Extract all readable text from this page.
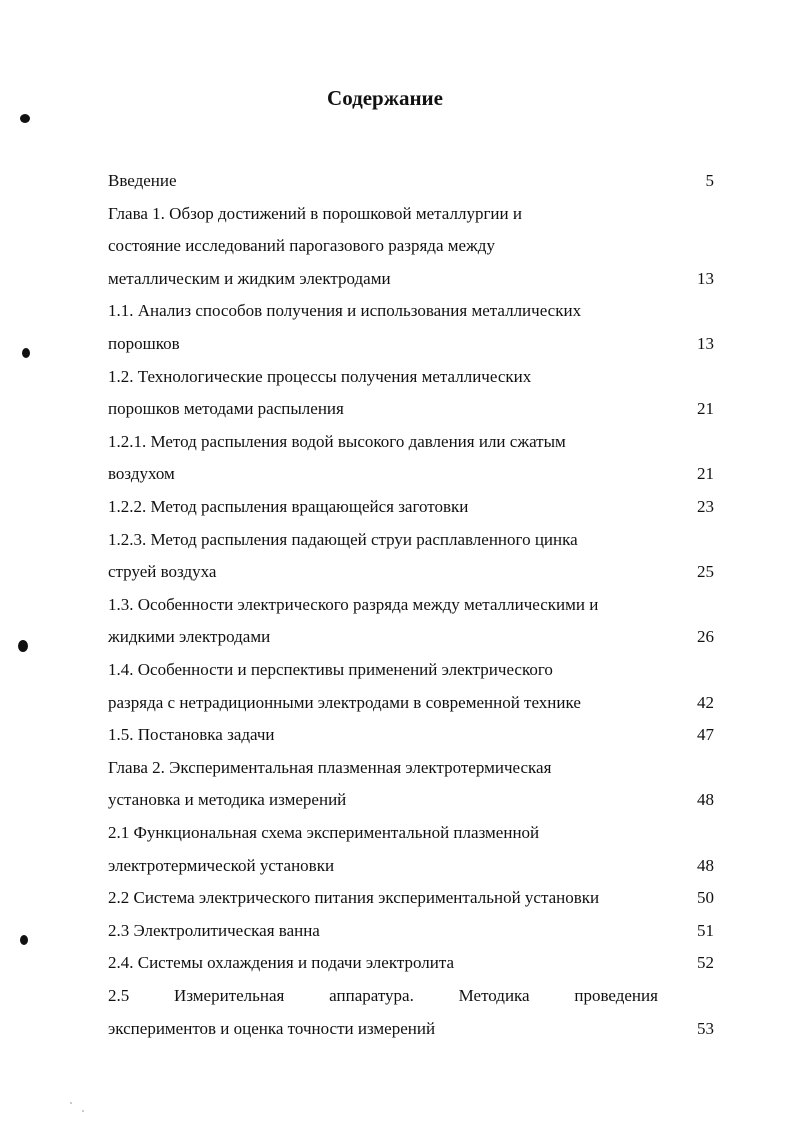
Содержание
Введение	5
Глава 1. Обзор достижений в порошковой металлургии и
состояние исследований парогазового разряда между
металлическим и жидким электродами	13
1.1. Анализ способов получения и использования металлических
порошков	13
1.2. Технологические процессы получения металлических
порошков методами распыления	21
1.2.1. Метод распыления водой высокого давления или сжатым
воздухом	21
1.2.2. Метод распыления вращающейся заготовки	23
1.2.3. Метод распыления падающей струи расплавленного цинка
струей воздуха	25
1.3. Особенности электрического разряда между металлическими и
жидкими электродами	26
1.4. Особенности и перспективы применений электрического
разряда с нетрадиционными электродами в современной технике	42
1.5. Постановка задачи	47
Глава 2. Экспериментальная плазменная электротермическая
установка и методика измерений	48
2.1 Функциональная схема экспериментальной плазменной
электротермической установки	48
2.2 Система электрического питания экспериментальной установки	50
2.3 Электролитическая ванна	51
2.4. Системы охлаждения и подачи электролита	52
2.5	Измерительная	аппаратура.	Методика	проведения
экспериментов и оценка точности измерений	53
